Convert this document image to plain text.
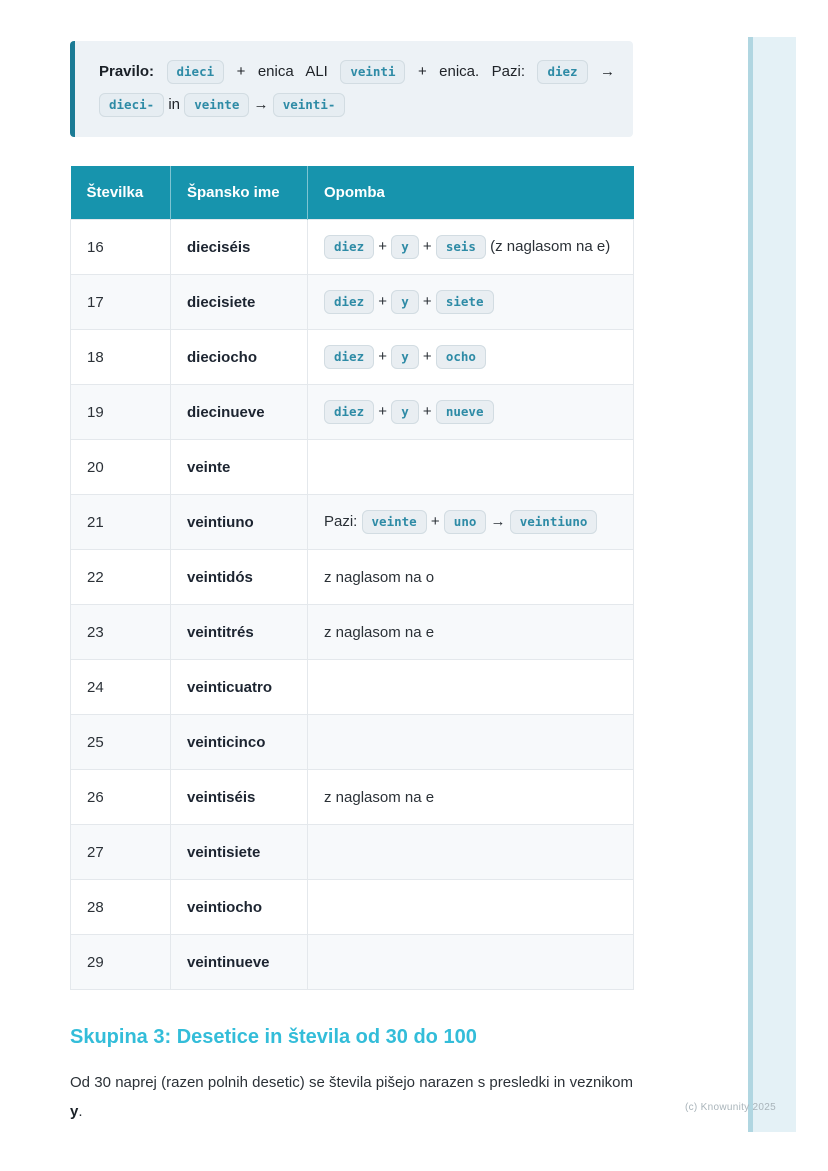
Pravilo: dieci + enica ALI veinti + enica. Pazi: diez →
dieci- in veinte → veinti-
Številka	Špansko ime	Opomba
16	dieciséis	diez + y + seis (z naglasom na e)
17	diecisiete	diez + y + siete
18	dieciocho	diez + y + ocho
19	diecinueve	diez + y + nueve
20	veinte	
21	veintiuno	Pazi: veinte + uno → veintiuno
22	veintidós	z naglasom na o
23	veintitrés	z naglasom na e
24	veinticuatro	
25	veinticinco	
26	veintiséis	z naglasom na e
27	veintisiete	
28	veintiocho	
29	veintinueve	
Skupina 3: Desetice in števila od 30 do 100

Od 30 naprej (razen polnih desetic) se števila pišejo narazen s presledki in veznikom y.	(c) Knowunity 2025
